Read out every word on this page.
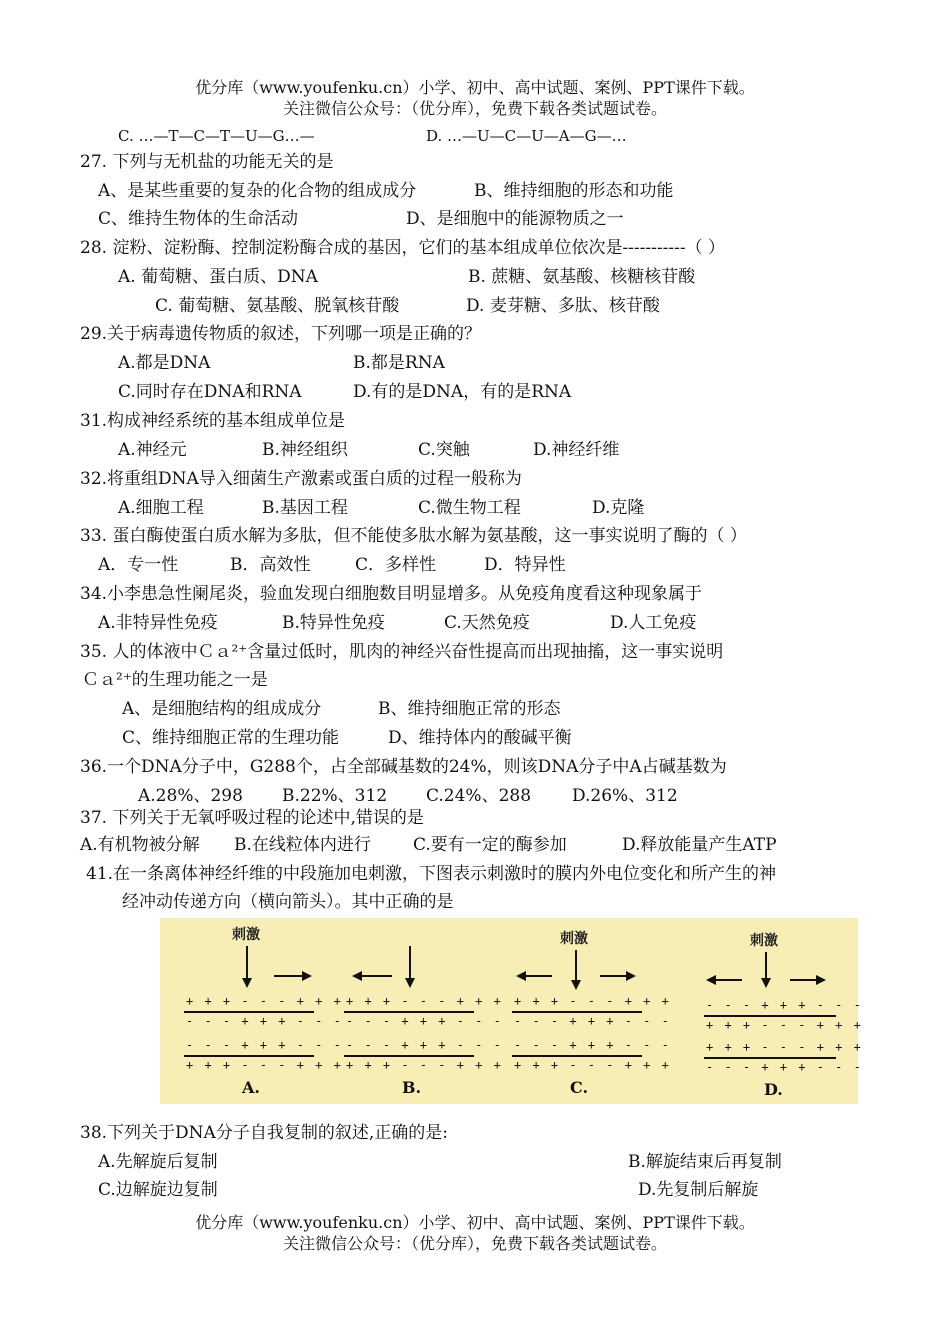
优分库（www.youfenku.cn）小学、初中、高中试题、案例、PPT课件下载。
关注微信公众号：（优分库），免费下载各类试题试卷。
C. …—T—C—T—U—G…—	D. …—U—C—U—A—G—…
27. 下列与无机盐的功能无关的是
A、是某些重要的复杂的化合物的组成成分	B、维持细胞的形态和功能
C、维持生物体的生命活动	D、是细胞中的能源物质之一
28. 淀粉、淀粉酶、控制淀粉酶合成的基因，它们的基本组成单位依次是-----------（ ）
A. 葡萄糖、蛋白质、DNA	B. 蔗糖、氨基酸、核糖核苷酸
C. 葡萄糖、氨基酸、脱氧核苷酸	D. 麦芽糖、多肽、核苷酸
29.关于病毒遗传物质的叙述，下列哪一项是正确的？
A.都是DNA	B.都是RNA
C.同时存在DNA和RNA	D.有的是DNA，有的是RNA
31.构成神经系统的基本组成单位是
A.神经元	B.神经组织	C.突触	D.神经纤维
32.将重组DNA导入细菌生产激素或蛋白质的过程一般称为
A.细胞工程	B.基因工程	C.微生物工程	D.克隆
33. 蛋白酶使蛋白质水解为多肽，但不能使多肽水解为氨基酸，这一事实说明了酶的（ ）
A．专一性	B．高效性	C．多样性	D．特异性
34.小李患急性阑尾炎，验血发现白细胞数目明显增多。从免疫角度看这种现象属于
A.非特异性免疫	B.特异性免疫	C.天然免疫	D.人工免疫
35. 人的体液中Ｃａ²⁺含量过低时，肌肉的神经兴奋性提高而出现抽搐，这一事实说明
Ｃａ²⁺的生理功能之一是
A、是细胞结构的组成成分	B、维持细胞正常的形态
C、维持细胞正常的生理功能	D、维持体内的酸碱平衡
36.一个DNA分子中，G288个，占全部碱基数的24%，则该DNA分子中A占碱基数为
A.28%、298 B.22%、312 C.24%、288 D.26%、312
37. 下列关于无氧呼吸过程的论述中,错误的是
A.有机物被分解 B.在线粒体内进行 C.要有一定的酶参加	D.释放能量产生ATP
41.在一条离体神经纤维的中段施加电刺激，下图表示刺激时的膜内外电位变化和所产生的神
经冲动传递方向（横向箭头）。其中正确的是
刺激
+ + + - - - + + +
- - - + + + - - -
- - - + + + - - -
+ + + - - - + + +
A.
+ + + - - - + + +
- - - + + + - - -
- - - + + + - - -
+ + + - - - + + +
B.
刺激
+ + + - - - + + +
- - - + + + - - -
- - - + + + - - -
+ + + - - - + + +
C.
刺激
- - - + + + - - -
+ + + - - - + + +
+ + + - - - + + +
- - - + + + - - -
D.
38.下列关于DNA分子自我复制的叙述,正确的是:
A.先解旋后复制	B.解旋结束后再复制
C.边解旋边复制	D.先复制后解旋
优分库（www.youfenku.cn）小学、初中、高中试题、案例、PPT课件下载。
关注微信公众号：（优分库），免费下载各类试题试卷。
